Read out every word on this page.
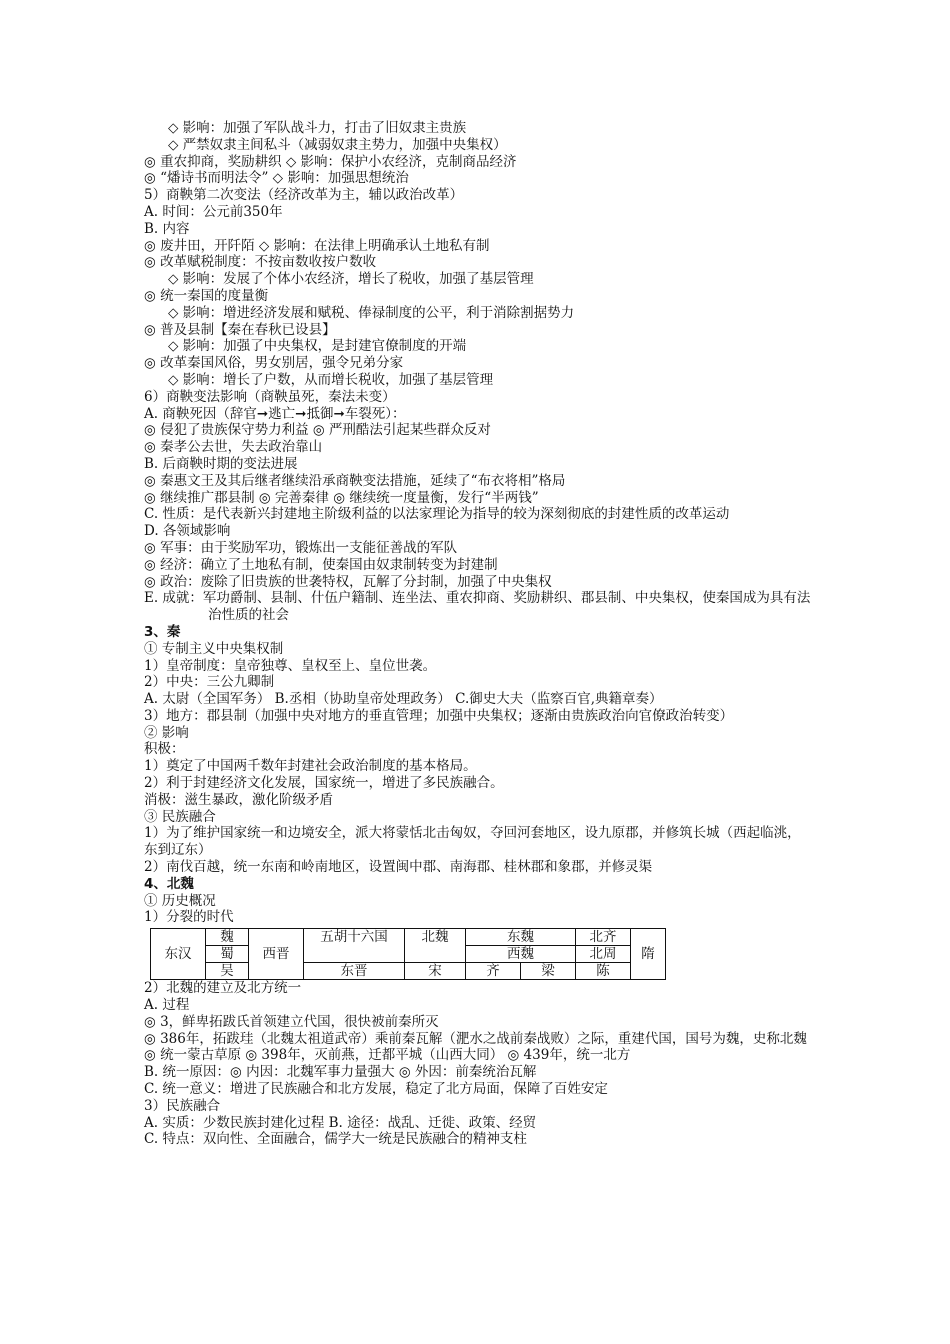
◇ 影响：加强了军队战斗力，打击了旧奴隶主贵族
◇ 严禁奴隶主间私斗（减弱奴隶主势力，加强中央集权）
◎ 重农抑商，奖励耕织 ◇ 影响：保护小农经济，克制商品经济
◎ “燔诗书而明法令” ◇ 影响：加强思想统治
5）商鞅第二次变法（经济改革为主，辅以政治改革）
A. 时间：公元前350年
B. 内容
◎ 废井田，开阡陌 ◇ 影响：在法律上明确承认土地私有制
◎ 改革赋税制度：不按亩数收按户数收
◇ 影响：发展了个体小农经济，增长了税收，加强了基层管理
◎ 统一秦国的度量衡
◇ 影响：增进经济发展和赋税、俸禄制度的公平，利于消除割据势力
◎ 普及县制【秦在春秋已设县】
◇ 影响：加强了中央集权，是封建官僚制度的开端
◎ 改革秦国风俗，男女别居，强令兄弟分家
◇ 影响：增长了户数，从而增长税收，加强了基层管理
6）商鞅变法影响（商鞅虽死，秦法未变）
A. 商鞅死因（辞官➞逃亡➞抵御➞车裂死）：
◎ 侵犯了贵族保守势力利益 ◎ 严刑酷法引起某些群众反对
◎ 秦孝公去世，失去政治靠山
B. 后商鞅时期的变法进展
◎ 秦惠文王及其后继者继续沿承商鞅变法措施，延续了“布衣将相”格局
◎ 继续推广郡县制 ◎ 完善秦律 ◎ 继续统一度量衡，发行“半两钱”
C. 性质：是代表新兴封建地主阶级利益的以法家理论为指导的较为深刻彻底的封建性质的改革运动
D. 各领域影响
◎ 军事：由于奖励军功，锻炼出一支能征善战的军队
◎ 经济：确立了土地私有制，使秦国由奴隶制转变为封建制
◎ 政治：废除了旧贵族的世袭特权，瓦解了分封制，加强了中央集权
E. 成就：军功爵制、县制、什伍户籍制、连坐法、重农抑商、奖励耕织、郡县制、中央集权，使秦国成为具有法治性质的社会
3、秦
① 专制主义中央集权制
1）皇帝制度：皇帝独尊、皇权至上、皇位世袭。
2）中央：三公九卿制
A. 太尉（全国军务） B.丞相（协助皇帝处理政务） C.御史大夫（监察百官,典籍章奏）
3）地方：郡县制（加强中央对地方的垂直管理；加强中央集权；逐渐由贵族政治向官僚政治转变）
② 影响
积极：
1）奠定了中国两千数年封建社会政治制度的基本格局。
2）利于封建经济文化发展，国家统一，增进了多民族融合。
消极：滋生暴政，激化阶级矛盾
③ 民族融合
1）为了维护国家统一和边境安全，派大将蒙恬北击匈奴，夺回河套地区，设九原郡，并修筑长城（西起临洮，东到辽东）
2）南伐百越，统一东南和岭南地区，设置闽中郡、南海郡、桂林郡和象郡，并修灵渠
4、北魏
① 历史概况
1）分裂的时代
东汉	魏	西晋	五胡十六国	北魏	东魏		北齐	隋
	蜀				西魏		北周	
	吴		东晋	宋	齐	梁	陈	
2）北魏的建立及北方统一
A. 过程
◎ 3，鲜卑拓跋氏首领建立代国，很快被前秦所灭
◎ 386年，拓跋珪（北魏太祖道武帝）乘前秦瓦解（淝水之战前秦战败）之际，重建代国，国号为魏，史称北魏
◎ 统一蒙古草原 ◎ 398年，灭前燕，迁都平城（山西大同） ◎ 439年，统一北方
B. 统一原因：◎ 内因：北魏军事力量强大 ◎ 外因：前秦统治瓦解
C. 统一意义：增进了民族融合和北方发展，稳定了北方局面，保障了百姓安定
3）民族融合
A. 实质：少数民族封建化过程 B. 途径：战乱、迁徙、政策、经贸
C. 特点：双向性、全面融合，儒学大一统是民族融合的精神支柱
